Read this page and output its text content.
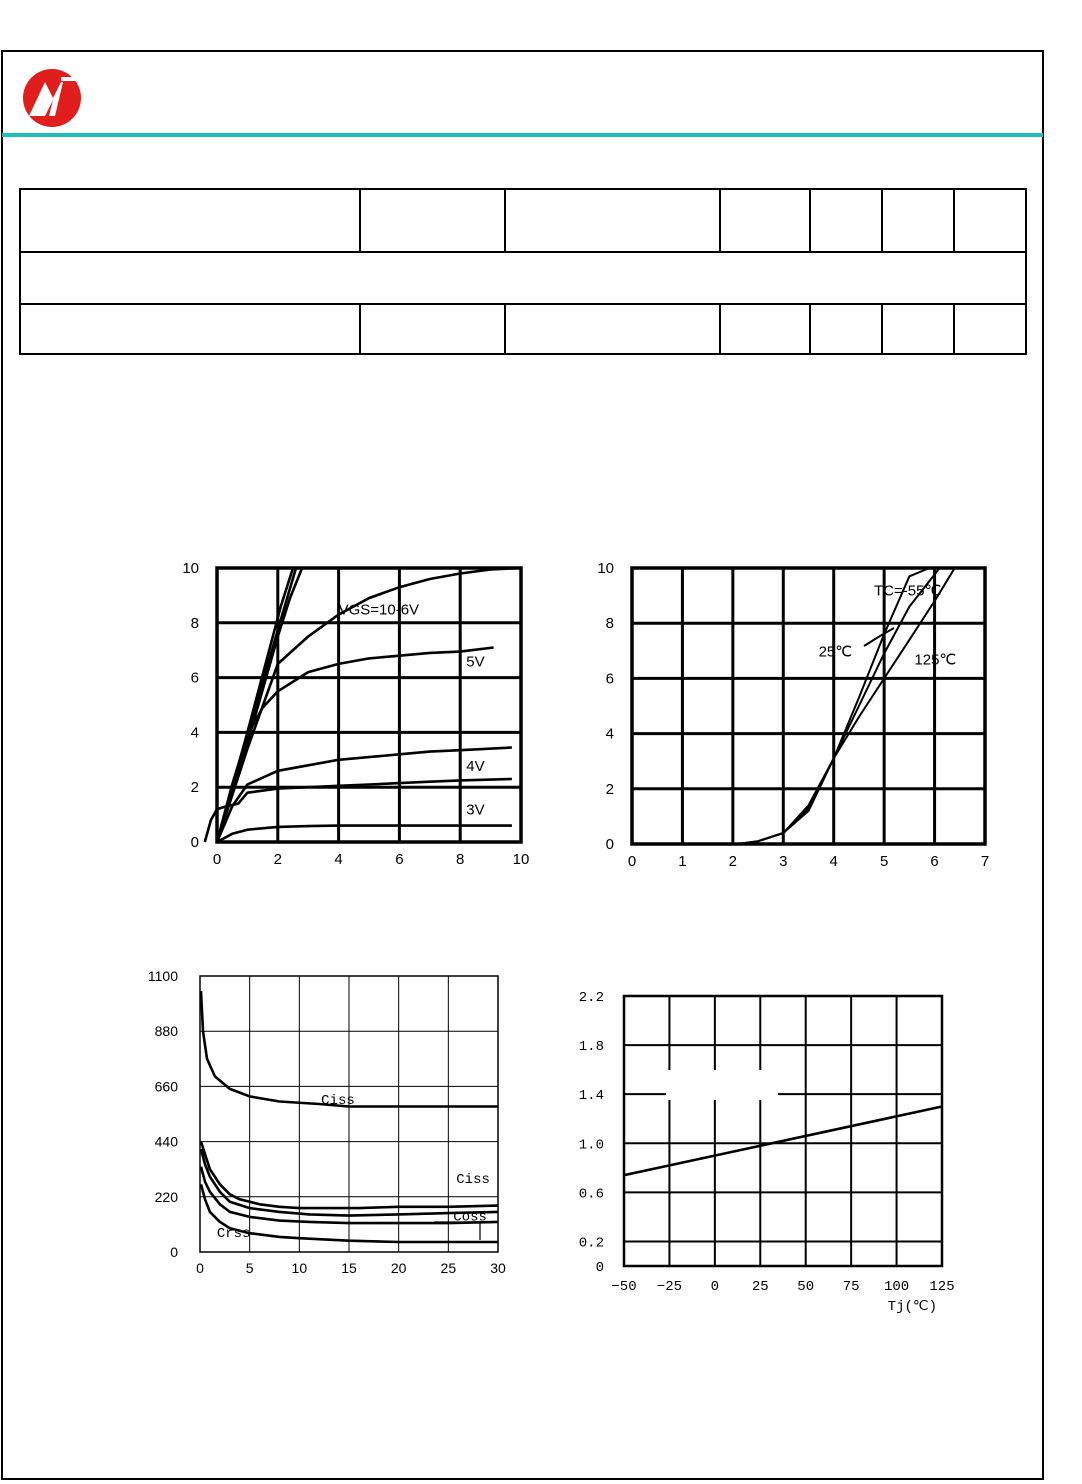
0	2	4	6	8	10
0
2
4
6
8
10
VGS=10-6V
5V
4V
3V
0	1	2	3	4	5	6	7
0
2
4
6
8
10
TC=-55℃
25℃	125℃
0	5	10 15 20 25 30
0
220
440
660
880
1100
Ciss
Ciss
Coss
Crss
−50 −25 0 25 50 75 100 125
0
0.2
0.6
1.0
1.4
1.8
2.2
Tj(℃)
